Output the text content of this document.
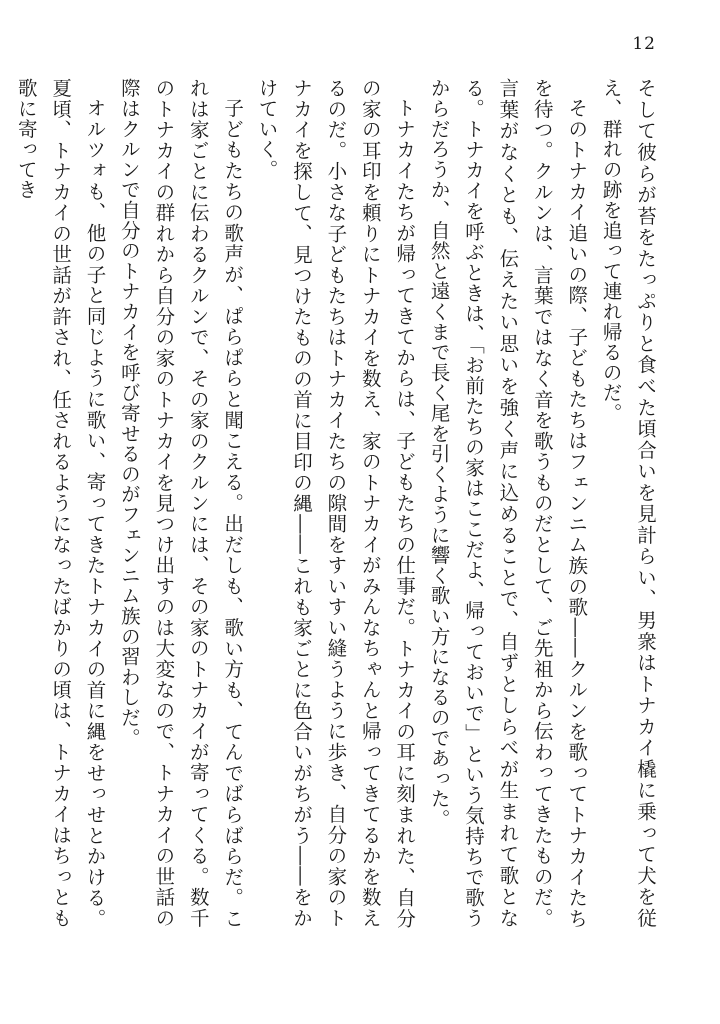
12

そして彼らが苔をたっぷりと食べた頃合いを見計らい、男衆はトナカイ橇に乗って犬を従え、群れの跡を追って連れ帰るのだ。

そのトナカイ追いの際、子どもたちはフェンニム族の歌――クルンを歌ってトナカイたちを待つ。クルンは、言葉ではなく音を歌うものだとして、ご先祖から伝わってきたものだ。言葉がなくとも、伝えたい思いを強く声に込めることで、自ずとしらべが生まれて歌となる。トナカイを呼ぶときは、「お前たちの家はここだよ、帰っておいで」という気持ちで歌うからだろうか、自然と遠くまで長く尾を引くように響く歌い方になるのであった。

トナカイたちが帰ってきてからは、子どもたちの仕事だ。トナカイの耳に刻まれた、自分の家の耳印を頼りにトナカイを数え、家のトナカイがみんなちゃんと帰ってきてるかを数えるのだ。小さな子どもたちはトナカイたちの隙間をすいすい縫うように歩き、自分の家のトナカイを探して、見つけたものの首に目印の縄――これも家ごとに色合いがちがう――をかけていく。

子どもたちの歌声が、ぱらぱらと聞こえる。出だしも、歌い方も、てんでばらばらだ。これは家ごとに伝わるクルンで、その家のクルンには、その家のトナカイが寄ってくる。数千のトナカイの群れから自分の家のトナカイを見つけ出すのは大変なので、トナカイの世話の際はクルンで自分のトナカイを呼び寄せるのがフェンニム族の習わしだ。

オルツォも、他の子と同じように歌い、寄ってきたトナカイの首に縄をせっせとかける。夏頃、トナカイの世話が許され、任されるようになったばかりの頃は、トナカイはちっとも歌に寄ってき
